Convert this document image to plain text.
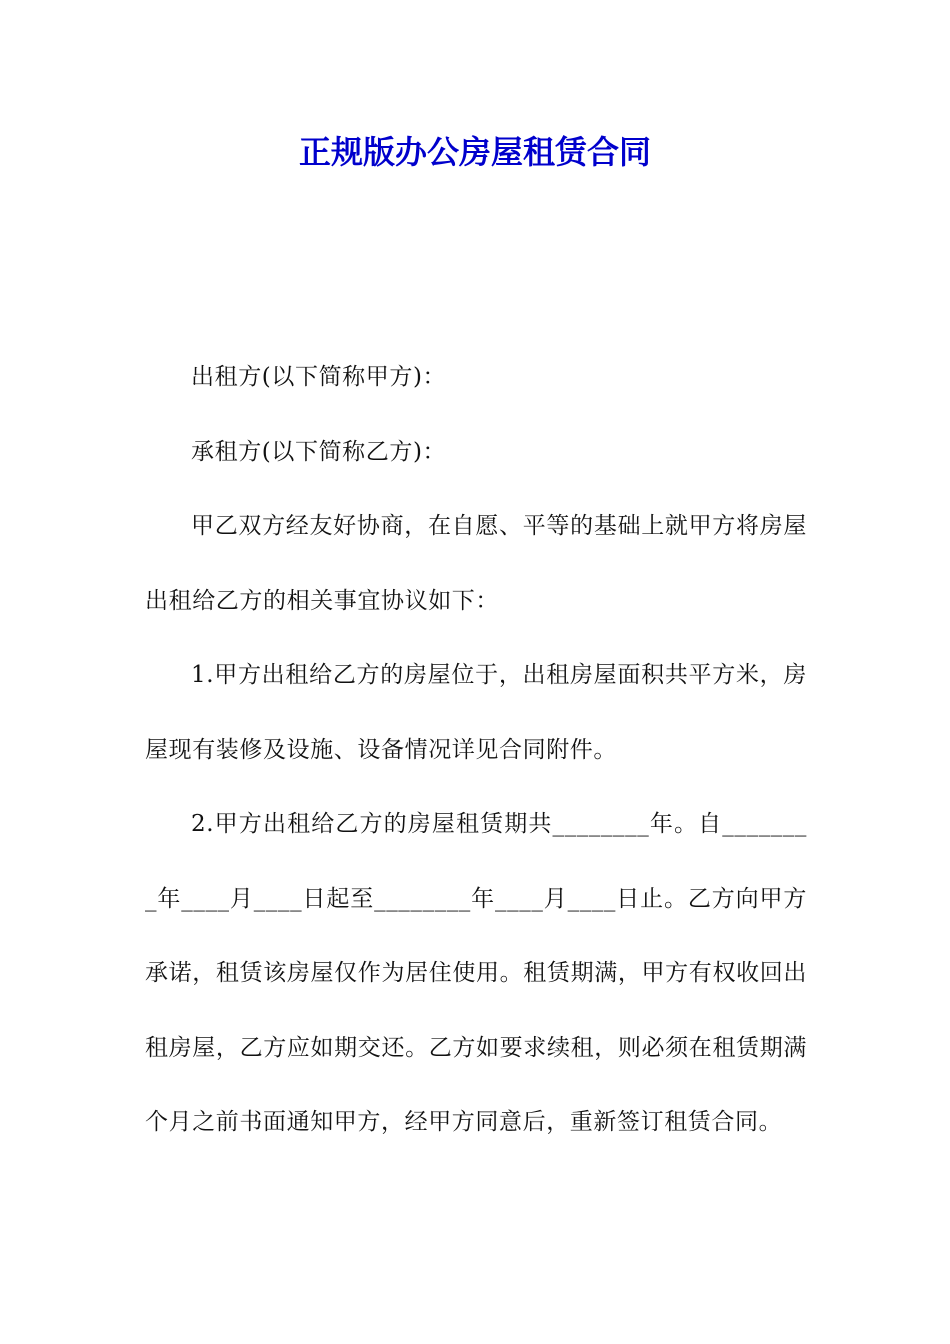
正规版办公房屋租赁合同

出租方(以下简称甲方)：

承租方(以下简称乙方)：

甲乙双方经友好协商，在自愿、平等的基础上就甲方将房屋出租给乙方的相关事宜协议如下：

1.甲方出租给乙方的房屋位于，出租房屋面积共平方米，房屋现有装修及设施、设备情况详见合同附件。

2.甲方出租给乙方的房屋租赁期共________年。自________年____月____日起至________年____月____日止。乙方向甲方承诺，租赁该房屋仅作为居住使用。租赁期满，甲方有权收回出租房屋，乙方应如期交还。乙方如要求续租，则必须在租赁期满个月之前书面通知甲方，经甲方同意后，重新签订租赁合同。
